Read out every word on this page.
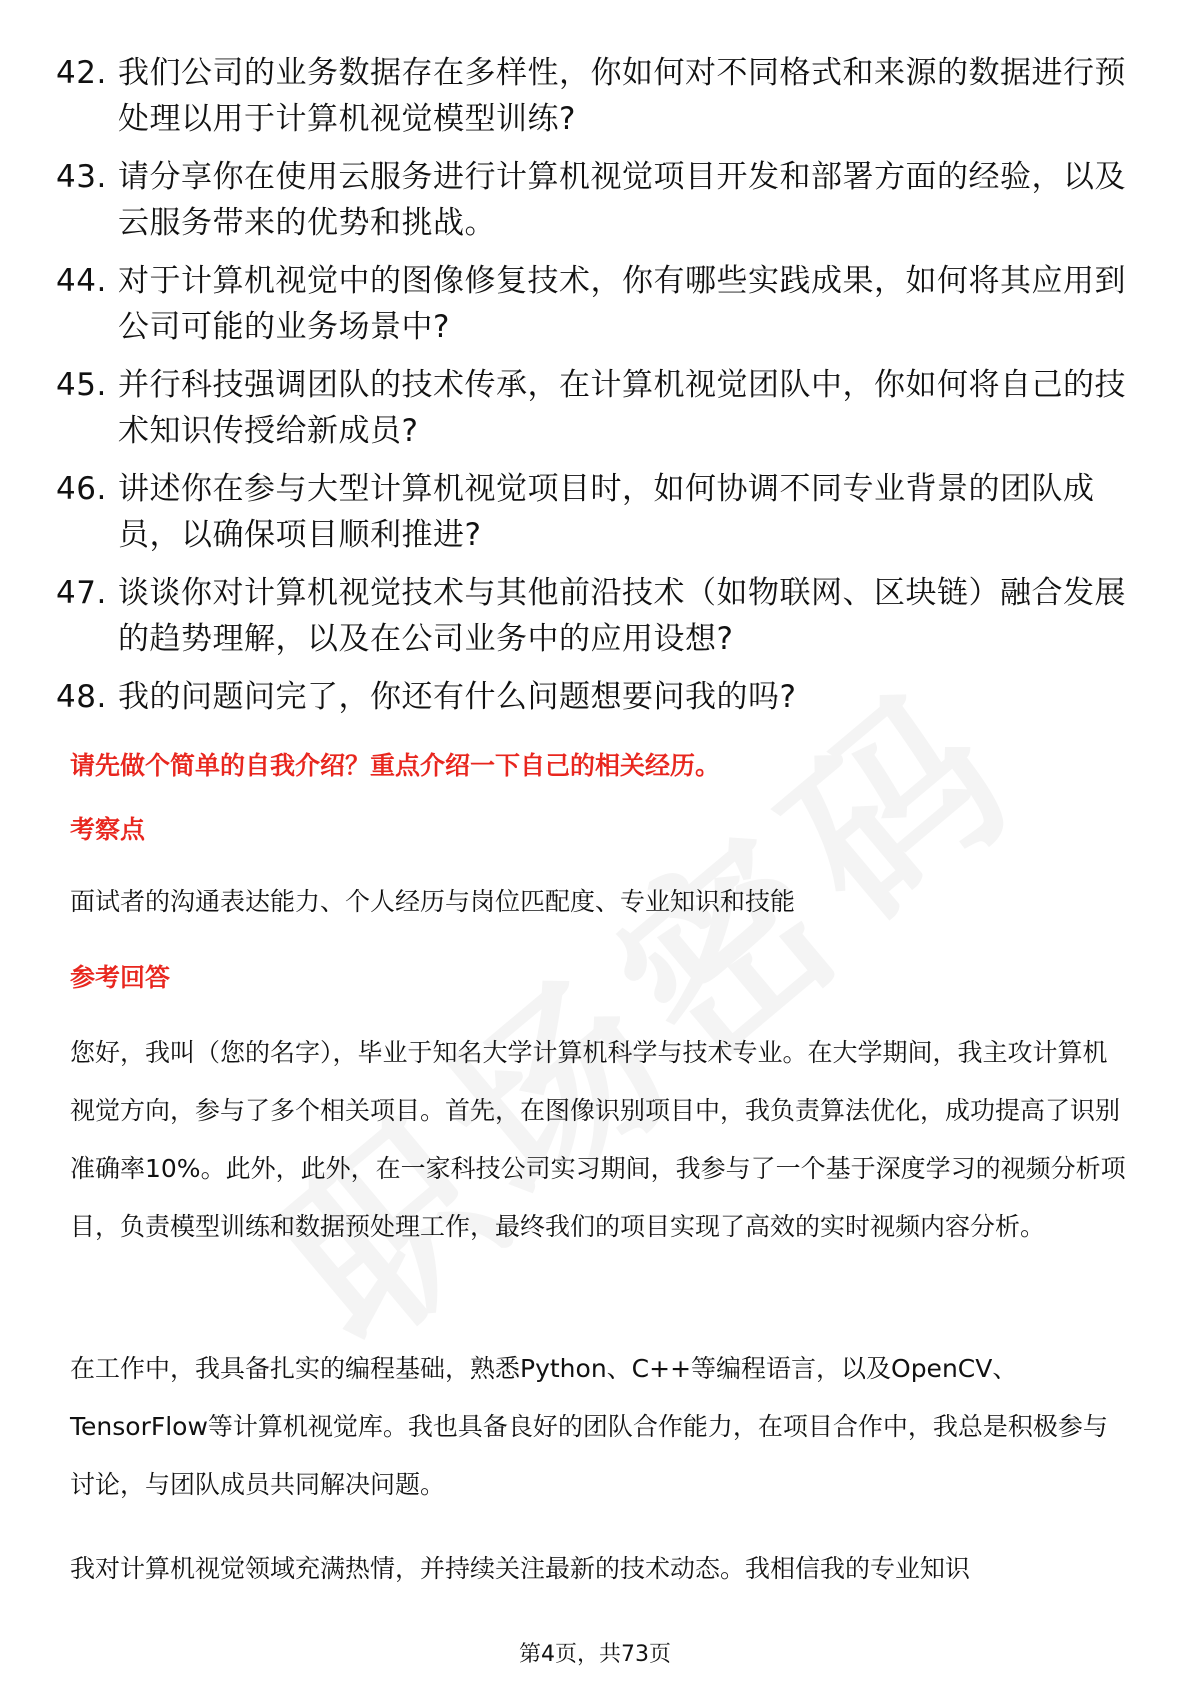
42. 我们公司的业务数据存在多样性，你如何对不同格式和来源的数据进行预处理以用于计算机视觉模型训练?
43. 请分享你在使用云服务进行计算机视觉项目开发和部署方面的经验，以及云服务带来的优势和挑战。
44. 对于计算机视觉中的图像修复技术，你有哪些实践成果，如何将其应用到公司可能的业务场景中?
45. 并行科技强调团队的技术传承，在计算机视觉团队中，你如何将自己的技术知识传授给新成员?
46. 讲述你在参与大型计算机视觉项目时，如何协调不同专业背景的团队成员，以确保项目顺利推进?
47. 谈谈你对计算机视觉技术与其他前沿技术（如物联网、区块链）融合发展的趋势理解，以及在公司业务中的应用设想?
48. 我的问题问完了，你还有什么问题想要问我的吗?
请先做个简单的自我介绍？重点介绍一下自己的相关经历。
考察点
面试者的沟通表达能力、个人经历与岗位匹配度、专业知识和技能
参考回答

您好，我叫（您的名字），毕业于知名大学计算机科学与技术专业。在大学期间，我主攻计算机视觉方向，参与了多个相关项目。首先，在图像识别项目中，我负责算法优化，成功提高了识别准确率10%。此外，此外，在一家科技公司实习期间，我参与了一个基于深度学习的视频分析项目，负责模型训练和数据预处理工作，最终我们的项目实现了高效的实时视频内容分析。

在工作中，我具备扎实的编程基础，熟悉Python、C++等编程语言，以及OpenCV、TensorFlow等计算机视觉库。我也具备良好的团队合作能力，在项目合作中，我总是积极参与讨论，与团队成员共同解决问题。

我对计算机视觉领域充满热情，并持续关注最新的技术动态。我相信我的专业知识

第4页，共73页
